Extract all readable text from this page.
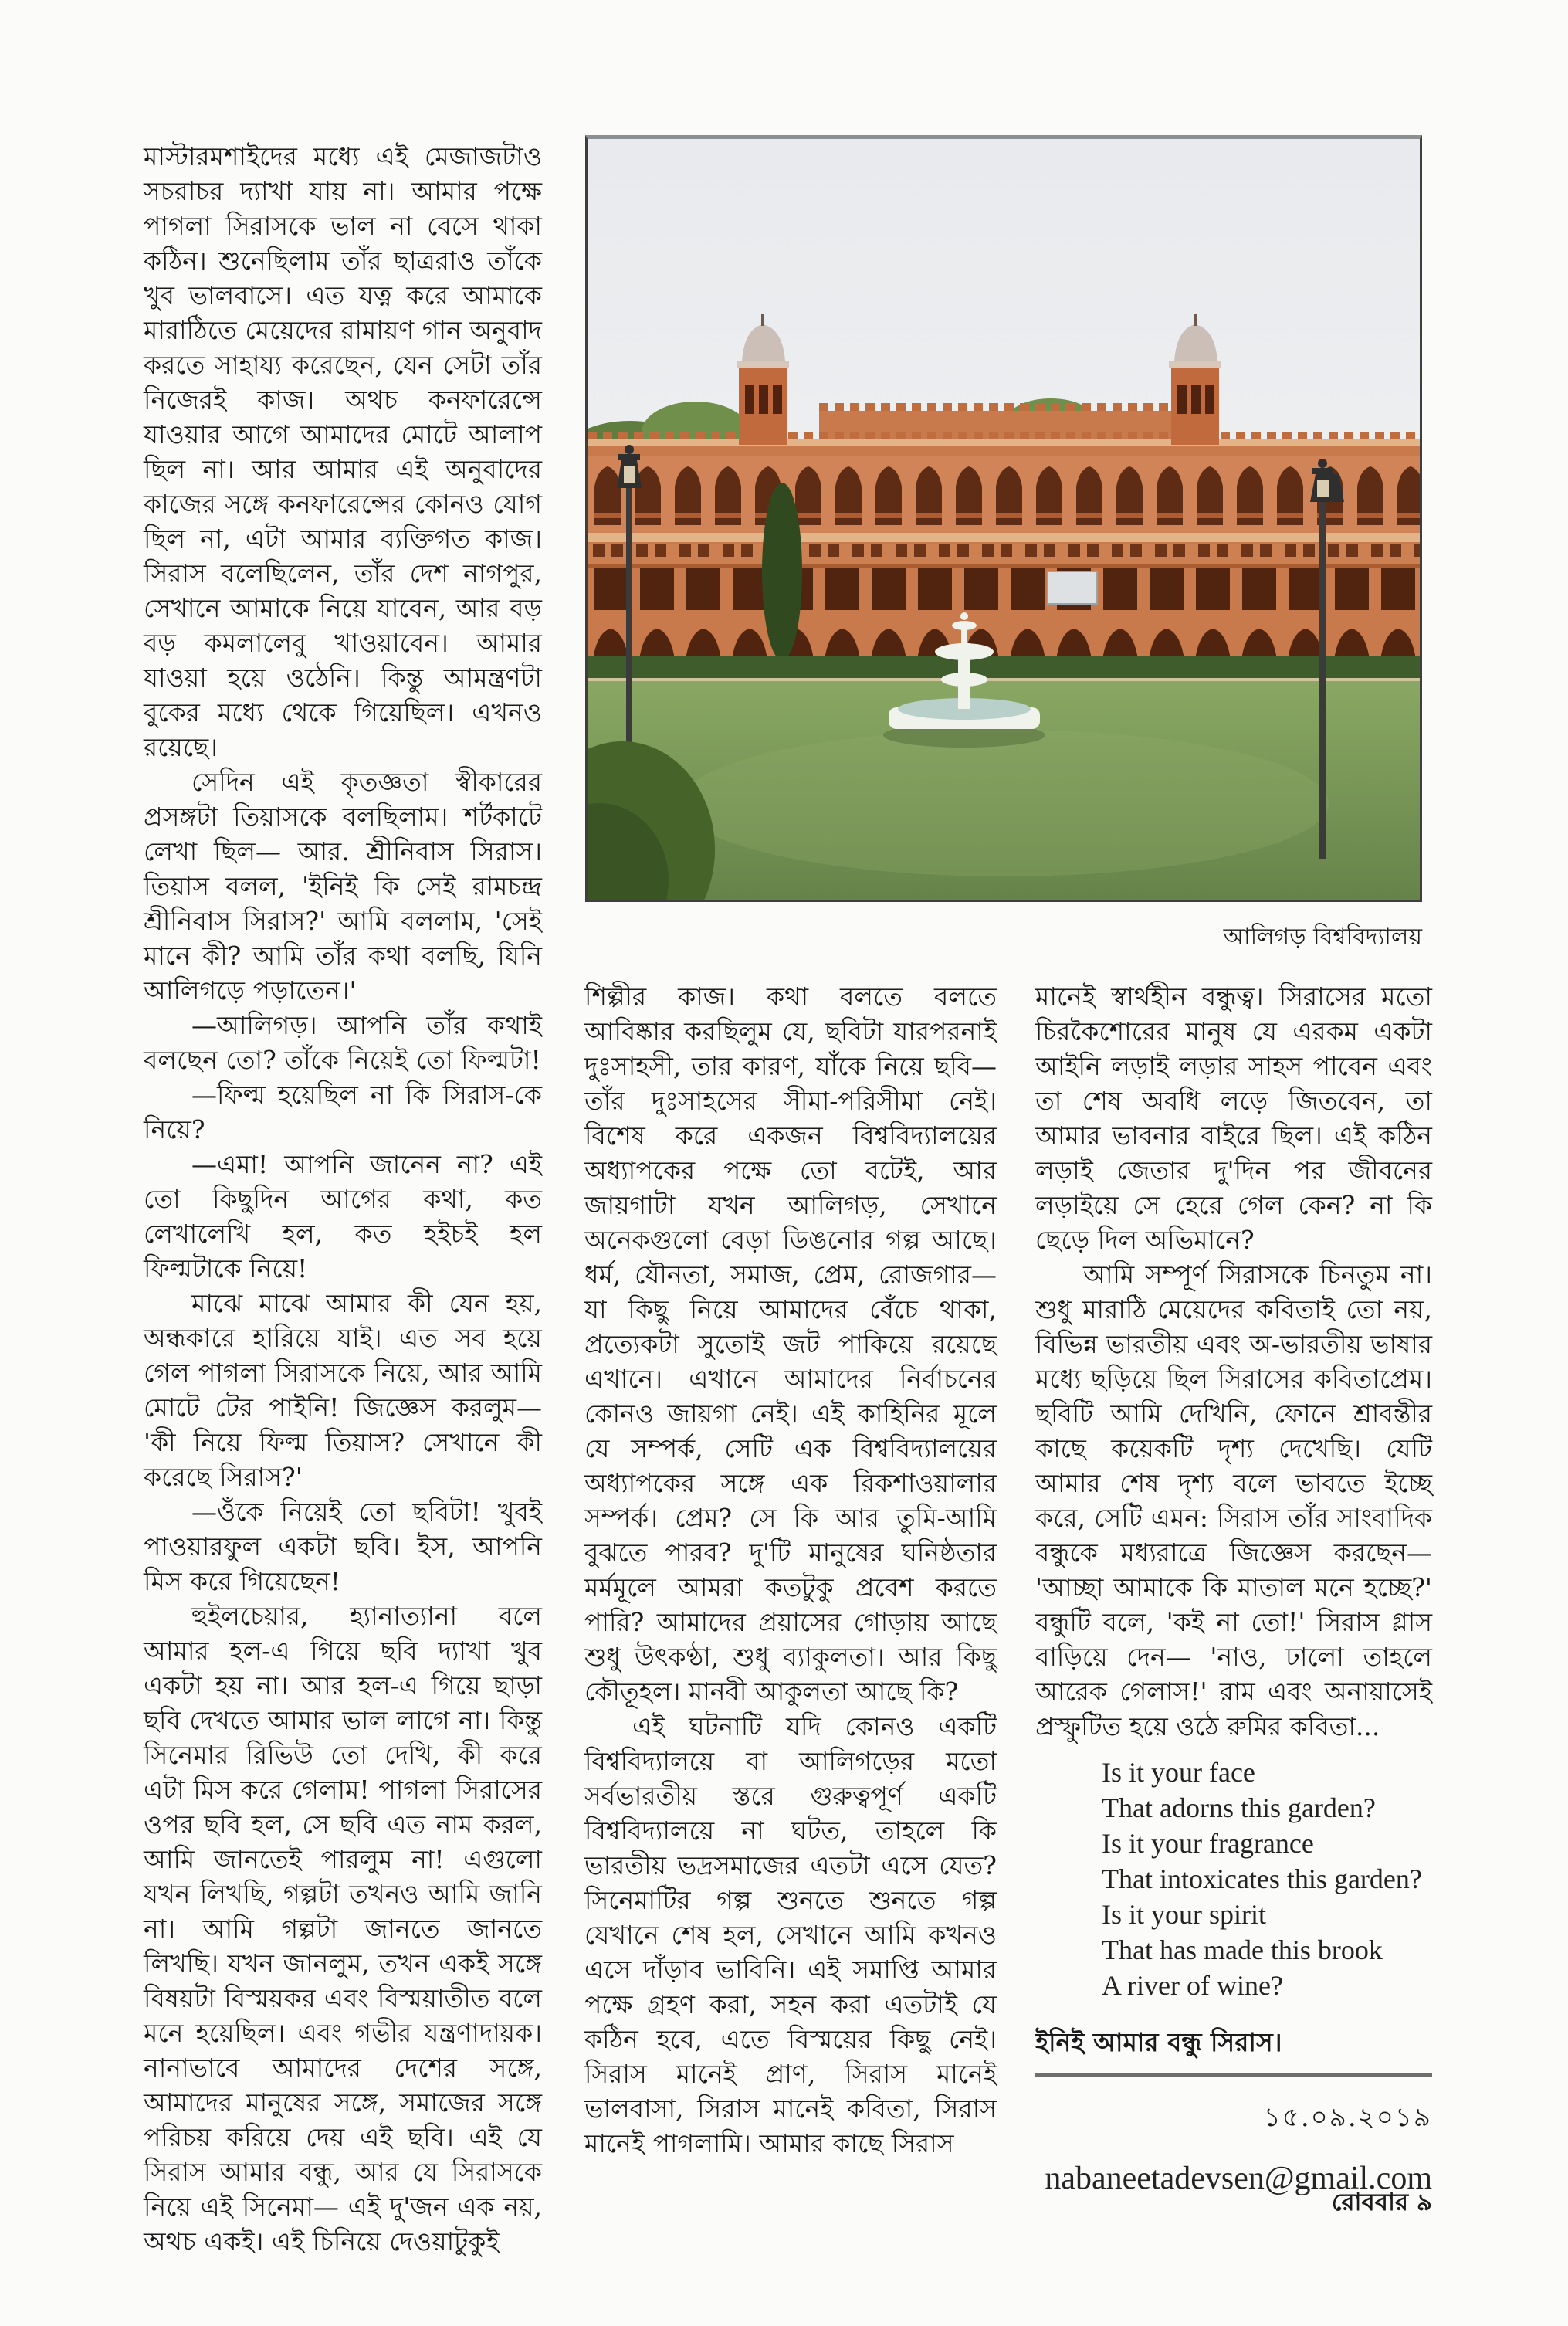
মাস্টারমশাইদের মধ্যে এই মেজাজটাও সচরাচর দ্যাখা যায় না। আমার পক্ষে পাগলা সিরাসকে ভাল না বেসে থাকা কঠিন। শুনেছিলাম তাঁর ছাত্ররাও তাঁকে খুব ভালবাসে। এত যত্ন করে আমাকে মারাঠিতে মেয়েদের রামায়ণ গান অনুবাদ করতে সাহায্য করেছেন, যেন সেটা তাঁর নিজেরই কাজ। অথচ কনফারেন্সে যাওয়ার আগে আমাদের মোটে আলাপ ছিল না। আর আমার এই অনুবাদের কাজের সঙ্গে কনফারেন্সের কোনও যোগ ছিল না, এটা আমার ব্যক্তিগত কাজ। সিরাস বলেছিলেন, তাঁর দেশ নাগপুর, সেখানে আমাকে নিয়ে যাবেন, আর বড় বড় কমলালেবু খাওয়াবেন। আমার যাওয়া হয়ে ওঠেনি। কিন্তু আমন্ত্রণটা বুকের মধ্যে থেকে গিয়েছিল। এখনও রয়েছে।

সেদিন এই কৃতজ্ঞতা স্বীকারের প্রসঙ্গটা তিয়াসকে বলছিলাম। শর্টকাটে লেখা ছিল— আর. শ্রীনিবাস সিরাস। তিয়াস বলল, 'ইনিই কি সেই রামচন্দ্র শ্রীনিবাস সিরাস?' আমি বললাম, 'সেই মানে কী? আমি তাঁর কথা বলছি, যিনি আলিগড়ে পড়াতেন।'

—আলিগড়। আপনি তাঁর কথাই বলছেন তো? তাঁকে নিয়েই তো ফিল্মটা!

—ফিল্ম হয়েছিল না কি সিরাস-কে নিয়ে?

—এমা! আপনি জানেন না? এই তো কিছুদিন আগের কথা, কত লেখালেখি হল, কত হইচই হল ফিল্মটাকে নিয়ে!

মাঝে মাঝে আমার কী যেন হয়, অন্ধকারে হারিয়ে যাই। এত সব হয়ে গেল পাগলা সিরাসকে নিয়ে, আর আমি মোটে টের পাইনি! জিজ্ঞেস করলুম— 'কী নিয়ে ফিল্ম তিয়াস? সেখানে কী করেছে সিরাস?'

—ওঁকে নিয়েই তো ছবিটা! খুবই পাওয়ারফুল একটা ছবি। ইস, আপনি মিস করে গিয়েছেন!

হুইলচেয়ার, হ্যানাত্যানা বলে আমার হল-এ গিয়ে ছবি দ্যাখা খুব একটা হয় না। আর হল-এ গিয়ে ছাড়া ছবি দেখতে আমার ভাল লাগে না। কিন্তু সিনেমার রিভিউ তো দেখি, কী করে এটা মিস করে গেলাম! পাগলা সিরাসের ওপর ছবি হল, সে ছবি এত নাম করল, আমি জানতেই পারলুম না! এগুলো যখন লিখছি, গল্পটা তখনও আমি জানি না। আমি গল্পটা জানতে জানতে লিখছি। যখন জানলুম, তখন একই সঙ্গে বিষয়টা বিস্ময়কর এবং বিস্ময়াতীত বলে মনে হয়েছিল। এবং গভীর যন্ত্রণাদায়ক। নানাভাবে আমাদের দেশের সঙ্গে, আমাদের মানুষের সঙ্গে, সমাজের সঙ্গে পরিচয় করিয়ে দেয় এই ছবি। এই যে সিরাস আমার বন্ধু, আর যে সিরাসকে নিয়ে এই সিনেমা— এই দু'জন এক নয়, অথচ একই। এই চিনিয়ে দেওয়াটুকুই

আলিগড় বিশ্ববিদ্যালয়

শিল্পীর কাজ। কথা বলতে বলতে আবিষ্কার করছিলুম যে, ছবিটা যারপরনাই দুঃসাহসী, তার কারণ, যাঁকে নিয়ে ছবি— তাঁর দুঃসাহসের সীমা-পরিসীমা নেই। বিশেষ করে একজন বিশ্ববিদ্যালয়ের অধ্যাপকের পক্ষে তো বটেই, আর জায়গাটা যখন আলিগড়, সেখানে অনেকগুলো বেড়া ডিঙনোর গল্প আছে। ধর্ম, যৌনতা, সমাজ, প্রেম, রোজগার— যা কিছু নিয়ে আমাদের বেঁচে থাকা, প্রত্যেকটা সুতোই জট পাকিয়ে রয়েছে এখানে। এখানে আমাদের নির্বাচনের কোনও জায়গা নেই। এই কাহিনির মূলে যে সম্পর্ক, সেটি এক বিশ্ববিদ্যালয়ের অধ্যাপকের সঙ্গে এক রিকশাওয়ালার সম্পর্ক। প্রেম? সে কি আর তুমি-আমি বুঝতে পারব? দু'টি মানুষের ঘনিষ্ঠতার মর্মমূলে আমরা কতটুকু প্রবেশ করতে পারি? আমাদের প্রয়াসের গোড়ায় আছে শুধু উৎকণ্ঠা, শুধু ব্যাকুলতা। আর কিছু কৌতূহল। মানবী আকুলতা আছে কি?

এই ঘটনাটি যদি কোনও একটি বিশ্ববিদ্যালয়ে বা আলিগড়ের মতো সর্বভারতীয় স্তরে গুরুত্বপূর্ণ একটি বিশ্ববিদ্যালয়ে না ঘটত, তাহলে কি ভারতীয় ভদ্রসমাজের এতটা এসে যেত? সিনেমাটির গল্প শুনতে শুনতে গল্প যেখানে শেষ হল, সেখানে আমি কখনও এসে দাঁড়াব ভাবিনি। এই সমাপ্তি আমার পক্ষে গ্রহণ করা, সহন করা এতটাই যে কঠিন হবে, এতে বিস্ময়ের কিছু নেই। সিরাস মানেই প্রাণ, সিরাস মানেই ভালবাসা, সিরাস মানেই কবিতা, সিরাস মানেই পাগলামি। আমার কাছে সিরাস

মানেই স্বার্থহীন বন্ধুত্ব। সিরাসের মতো চিরকৈশোরের মানুষ যে এরকম একটা আইনি লড়াই লড়ার সাহস পাবেন এবং তা শেষ অবধি লড়ে জিতবেন, তা আমার ভাবনার বাইরে ছিল। এই কঠিন লড়াই জেতার দু'দিন পর জীবনের লড়াইয়ে সে হেরে গেল কেন? না কি ছেড়ে দিল অভিমানে?

আমি সম্পূর্ণ সিরাসকে চিনতুম না। শুধু মারাঠি মেয়েদের কবিতাই তো নয়, বিভিন্ন ভারতীয় এবং অ-ভারতীয় ভাষার মধ্যে ছড়িয়ে ছিল সিরাসের কবিতাপ্রেম। ছবিটি আমি দেখিনি, ফোনে শ্রাবন্তীর কাছে কয়েকটি দৃশ্য দেখেছি। যেটি আমার শেষ দৃশ্য বলে ভাবতে ইচ্ছে করে, সেটি এমন: সিরাস তাঁর সাংবাদিক বন্ধুকে মধ্যরাত্রে জিজ্ঞেস করছেন— 'আচ্ছা আমাকে কি মাতাল মনে হচ্ছে?' বন্ধুটি বলে, 'কই না তো!' সিরাস গ্লাস বাড়িয়ে দেন— 'নাও, ঢালো তাহলে আরেক গেলাস!' রাম এবং অনায়াসেই প্রস্ফুটিত হয়ে ওঠে রুমির কবিতা...

Is it your face
That adorns this garden?
Is it your fragrance
That intoxicates this garden?
Is it your spirit
That has made this brook
A river of wine?

ইনিই আমার বন্ধু সিরাস।

১৫.০৯.২০১৯
nabaneetadevsen@gmail.com
রোববার ৯
